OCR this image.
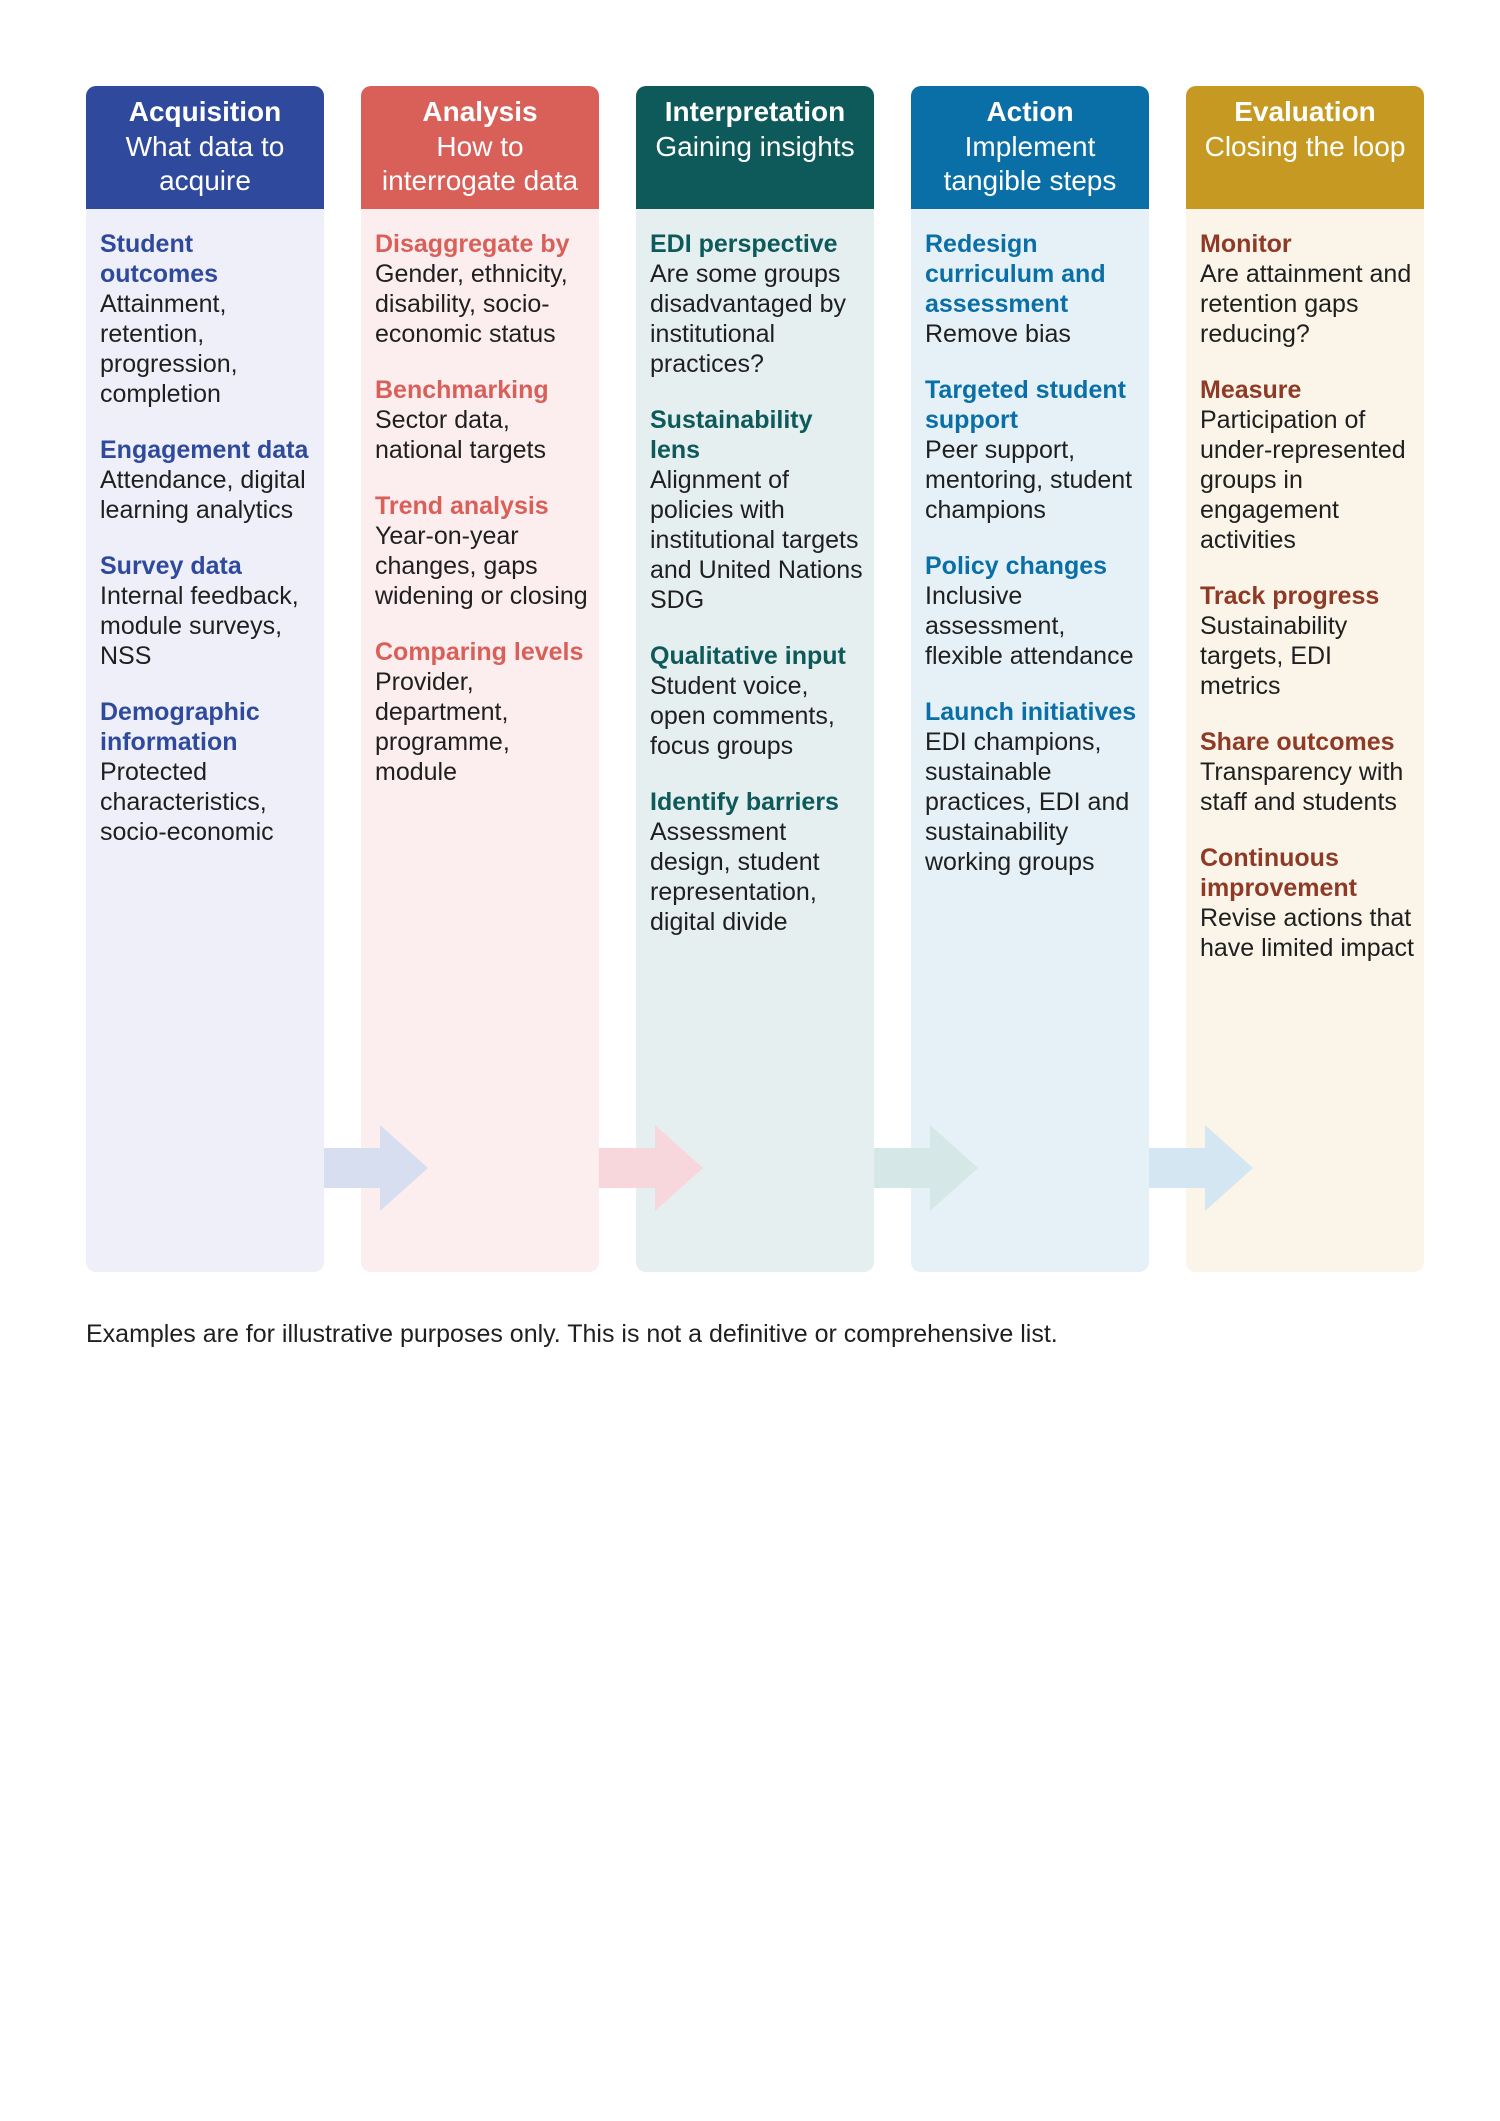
Acquisition
What data to acquire
Student outcomes
Attainment, retention, progression, completion
Engagement data
Attendance, digital learning analytics
Survey data
Internal feedback, module surveys, NSS
Demographic information
Protected characteristics, socio-economic
Analysis
How to interrogate data
Disaggregate by
Gender, ethnicity, disability, socio-economic status
Benchmarking
Sector data, national targets
Trend analysis
Year-on-year changes, gaps widening or closing
Comparing levels
Provider, department, programme, module
Interpretation
Gaining insights
EDI perspective
Are some groups disadvantaged by institutional practices?
Sustainability lens
Alignment of policies with institutional targets and United Nations SDG
Qualitative input
Student voice, open comments, focus groups
Identify barriers
Assessment design, student representation, digital divide
Action
Implement tangible steps
Redesign curriculum and assessment
Remove bias
Targeted student support
Peer support, mentoring, student champions
Policy changes
Inclusive assessment, flexible attendance
Launch initiatives
EDI champions, sustainable practices, EDI and sustainability working groups
Evaluation
Closing the loop
Monitor
Are attainment and retention gaps reducing?
Measure
Participation of under-represented groups in engagement activities
Track progress
Sustainability targets, EDI metrics
Share outcomes
Transparency with staff and students
Continuous improvement
Revise actions that have limited impact
Examples are for illustrative purposes only. This is not a definitive or comprehensive list.
